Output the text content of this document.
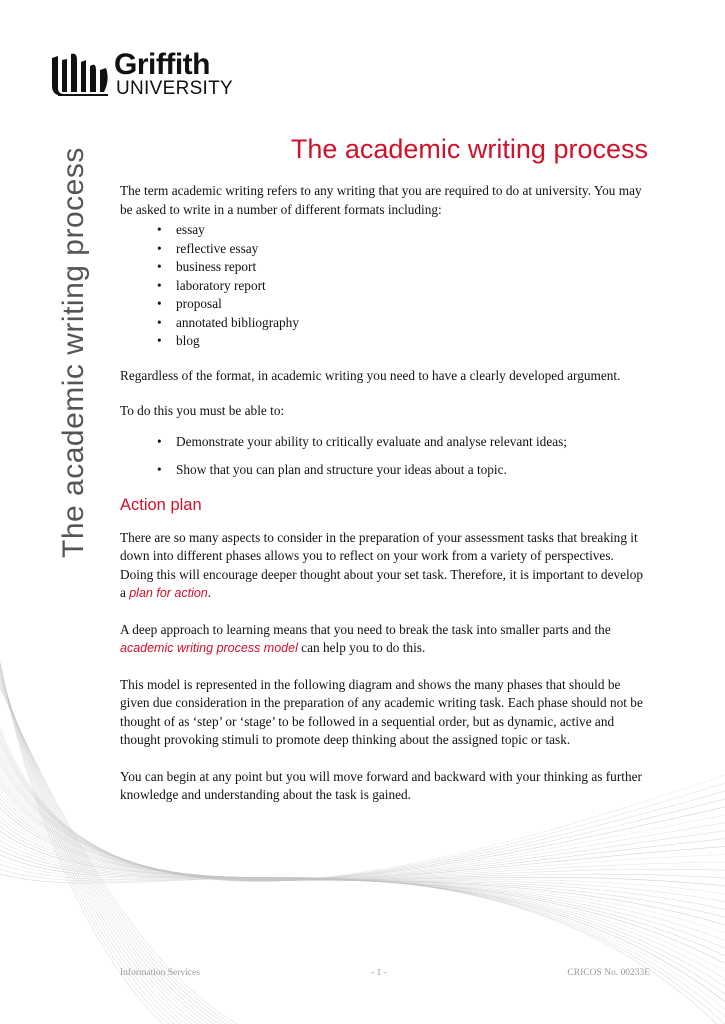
Griffith
UNIVERSITY
The academic writing process	The academic writing process

The term academic writing refers to any writing that you are required to do at university. You may be asked to write in a number of different formats including:

• essay
• reflective essay
• business report
• laboratory report
• proposal
• annotated bibliography
• blog

Regardless of the format, in academic writing you need to have a clearly developed argument.

To do this you must be able to:

• Demonstrate your ability to critically evaluate and analyse relevant ideas;
• Show that you can plan and structure your ideas about a topic.
Action plan

There are so many aspects to consider in the preparation of your assessment tasks that breaking it down into different phases allows you to reflect on your work from a variety of perspectives. Doing this will encourage deeper thought about your set task. Therefore, it is important to develop a plan for action.

A deep approach to learning means that you need to break the task into smaller parts and the academic writing process model can help you to do this.

This model is represented in the following diagram and shows the many phases that should be given due consideration in the preparation of any academic writing task. Each phase should not be thought of as ‘step’ or ‘stage’ to be followed in a sequential order, but as dynamic, active and thought provoking stimuli to promote deep thinking about the assigned topic or task.

You can begin at any point but you will move forward and backward with your thinking as further knowledge and understanding about the task is gained.

Information Services	- 1 -	CRICOS No. 00233E
